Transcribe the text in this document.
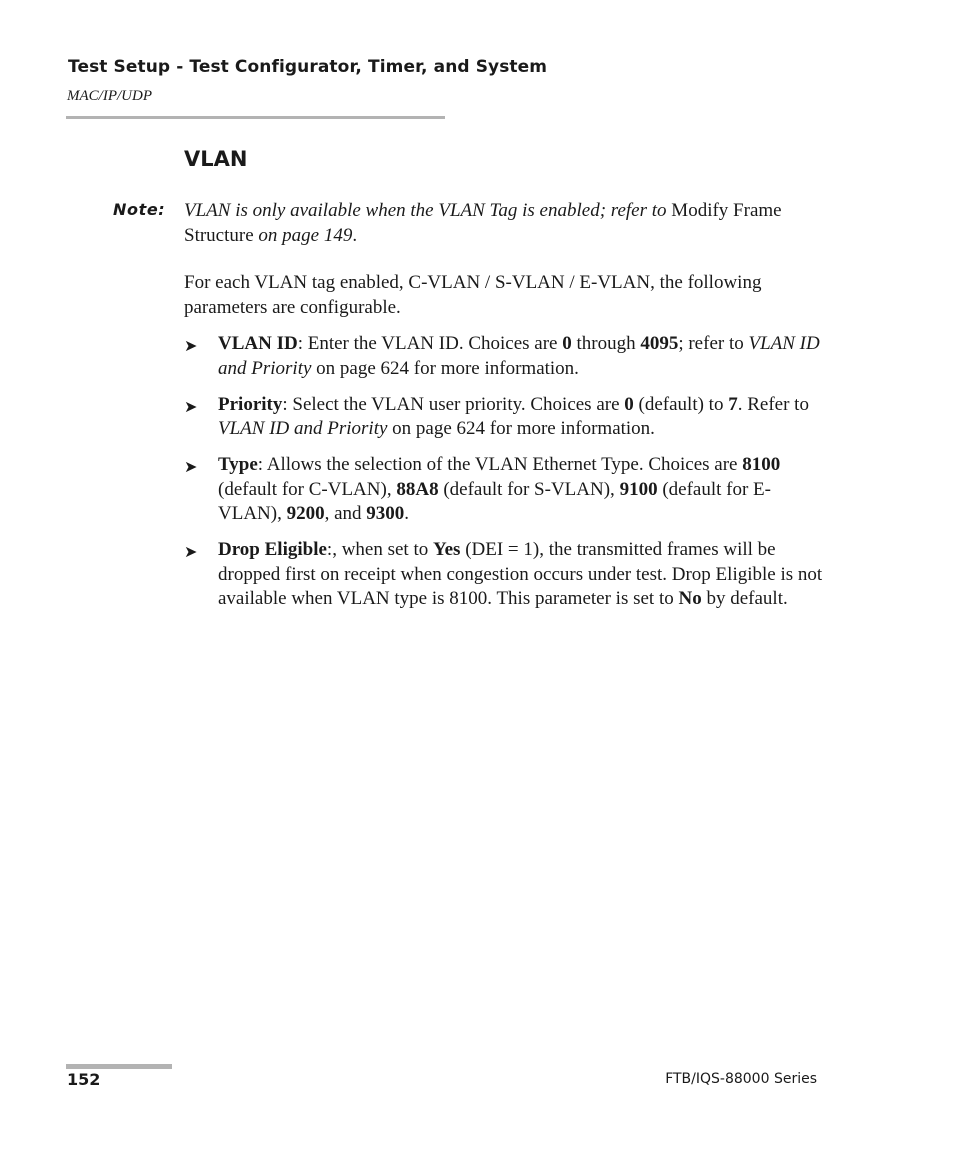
Test Setup - Test Configurator, Timer, and System
MAC/IP/UDP
VLAN
Note: VLAN is only available when the VLAN Tag is enabled; refer to Modify Frame Structure on page 149.
For each VLAN tag enabled, C-VLAN / S-VLAN / E-VLAN, the following parameters are configurable.
➤ VLAN ID: Enter the VLAN ID. Choices are 0 through 4095; refer to VLAN ID and Priority on page 624 for more information.
➤ Priority: Select the VLAN user priority. Choices are 0 (default) to 7. Refer to VLAN ID and Priority on page 624 for more information.
➤ Type: Allows the selection of the VLAN Ethernet Type. Choices are 8100 (default for C-VLAN), 88A8 (default for S-VLAN), 9100 (default for E-VLAN), 9200, and 9300.
➤ Drop Eligible:, when set to Yes (DEI = 1), the transmitted frames will be dropped first on receipt when congestion occurs under test. Drop Eligible is not available when VLAN type is 8100. This parameter is set to No by default.
152	FTB/IQS-88000 Series
